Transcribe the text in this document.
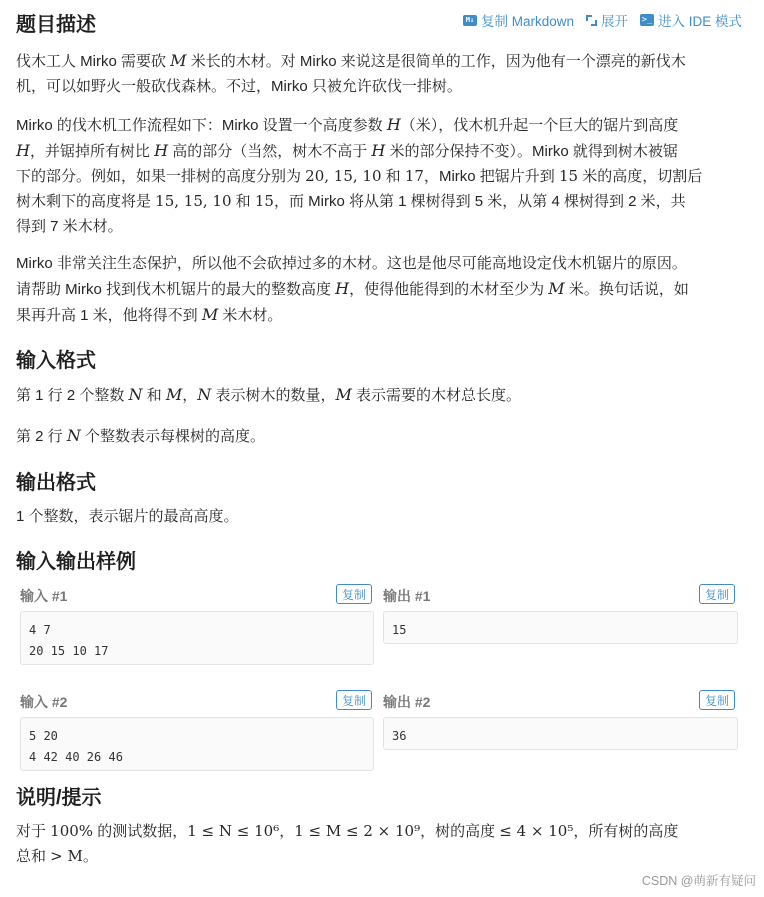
题目描述	M↓ 复制 Markdown 展开 >_ 进入 IDE 模式

伐木工人 Mirko 需要砍 M 米长的木材。对 Mirko 来说这是很简单的工作，因为他有一个漂亮的新伐木
机，可以如野火一般砍伐森林。不过，Mirko 只被允许砍伐一排树。

Mirko 的伐木机工作流程如下：Mirko 设置一个高度参数 H（米），伐木机升起一个巨大的锯片到高度
H，并锯掉所有树比 H 高的部分（当然，树木不高于 H 米的部分保持不变）。Mirko 就得到树木被锯
下的部分。例如，如果一排树的高度分别为 20, 15, 10 和 17，Mirko 把锯片升到 15 米的高度，切割后
树木剩下的高度将是 15, 15, 10 和 15，而 Mirko 将从第 1 棵树得到 5 米，从第 4 棵树得到 2 米，共
得到 7 米木材。

Mirko 非常关注生态保护，所以他不会砍掉过多的木材。这也是他尽可能高地设定伐木机锯片的原因。
请帮助 Mirko 找到伐木机锯片的最大的整数高度 H，使得他能得到的木材至少为 M 米。换句话说，如
果再升高 1 米，他将得不到 M 米木材。

输入格式

第 1 行 2 个整数 N 和 M，N 表示树木的数量，M 表示需要的木材总长度。

第 2 行 N 个整数表示每棵树的高度。

输出格式

1 个整数，表示锯片的最高高度。

输入输出样例
输入 #1	复制
4 7
20 15 10 17
输出 #1	复制
15
输入 #2	复制
5 20
4 42 40 26 46
输出 #2	复制
36
说明/提示

对于 100% 的测试数据，1 ≤ N ≤ 10⁶，1 ≤ M ≤ 2 × 10⁹，树的高度 ≤ 4 × 10⁵，所有树的高度
总和 > M。

CSDN @萌新有疑问
